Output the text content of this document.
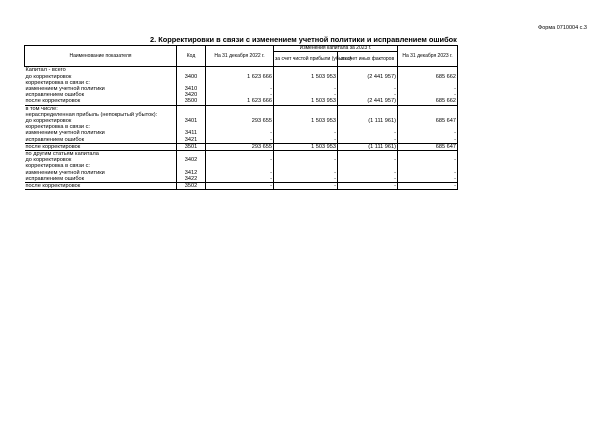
Форма 0710004 с.3
2. Корректировки в связи с изменением учетной политики и исправлением ошибок
Наименование показателя	Код	На 31 декабря 2022 г.	Изменения капитала за 2023 г.		На 31 декабря 2023 г.
			за счет чистой прибыли (убытка)	за счет иных факторов	
Капитал - всего					
до корректировок	3400	1 623 666	1 503 953	(2 441 957)	685 662
корректировка в связи с:					
изменением учетной политики	3410	-	-	-	-
исправлением ошибок	3420	-	-	-	-
после корректировок	3500	1 623 666	1 503 953	(2 441 957)	685 662
в том числе:					
нераспределенная прибыль (непокрытый убыток):					
до корректировок	3401	293 655	1 503 953	(1 111 961)	685 647
корректировка в связи с:					
изменением учетной политики	3411	-	-	-	-
исправлением ошибок	3421	-	-	-	-
после корректировок	3501	293 655	1 503 953	(1 111 961)	685 647
по другим статьям капитала					
до корректировок	3402	-	-	-	-
корректировка в связи с:					
изменением учетной политики	3412	-	-	-	-
исправлением ошибок	3422	-	-	-	-
после корректировок	3502	-	-	-	-
